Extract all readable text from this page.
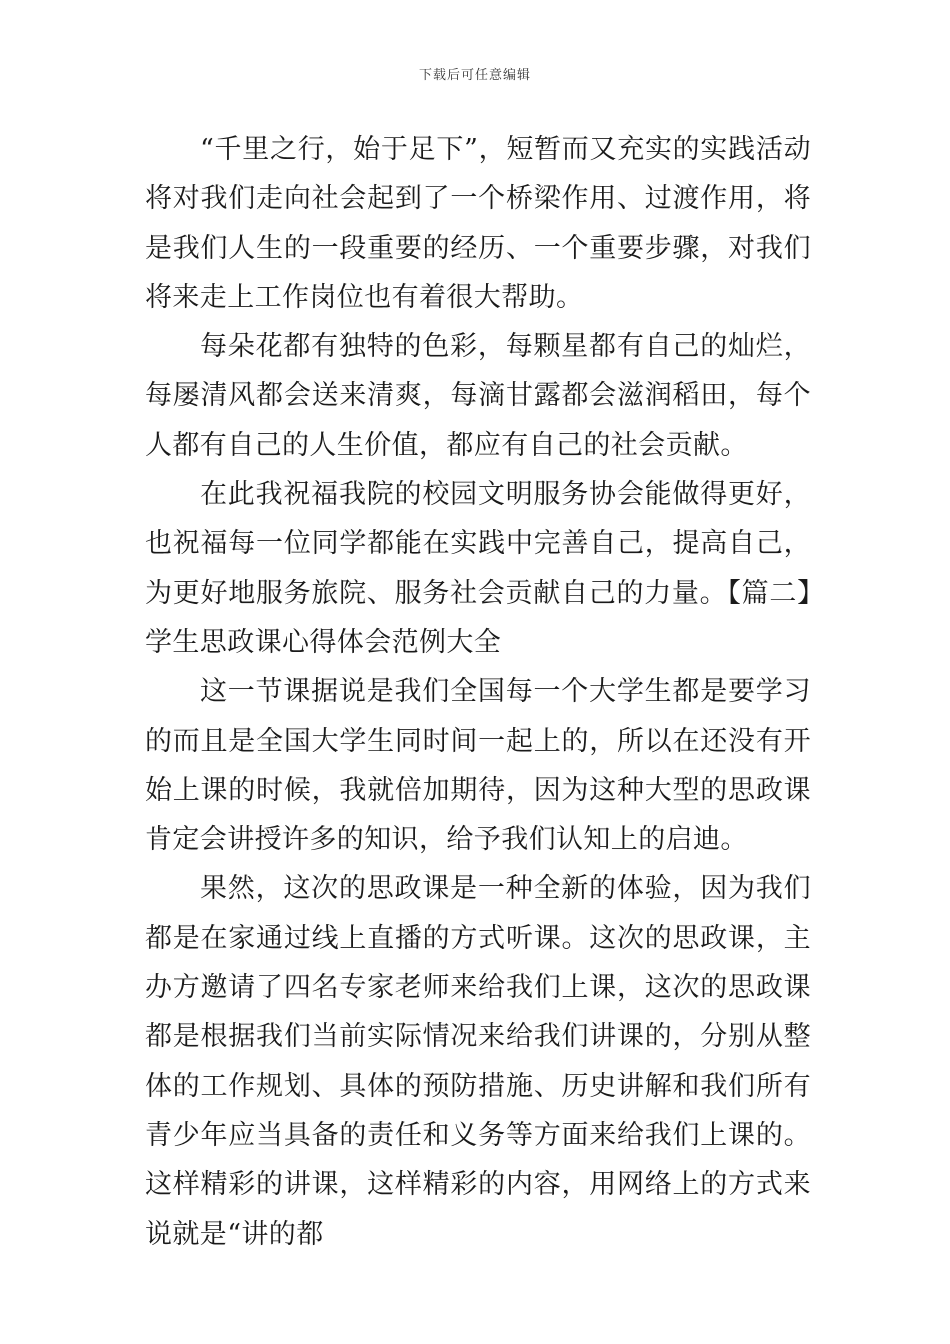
下载后可任意编辑

“千里之行，始于足下”，短暂而又充实的实践活动将对我们走向社会起到了一个桥梁作用、过渡作用，将是我们人生的一段重要的经历、一个重要步骤，对我们将来走上工作岗位也有着很大帮助。

每朵花都有独特的色彩，每颗星都有自己的灿烂，每屡清风都会送来清爽，每滴甘露都会滋润稻田，每个人都有自己的人生价值，都应有自己的社会贡献。

在此我祝福我院的校园文明服务协会能做得更好，也祝福每一位同学都能在实践中完善自己，提高自己，为更好地服务旅院、服务社会贡献自己的力量。【篇二】学生思政课心得体会范例大全

这一节课据说是我们全国每一个大学生都是要学习的而且是全国大学生同时间一起上的，所以在还没有开始上课的时候，我就倍加期待，因为这种大型的思政课肯定会讲授许多的知识，给予我们认知上的启迪。

果然，这次的思政课是一种全新的体验，因为我们都是在家通过线上直播的方式听课。这次的思政课，主办方邀请了四名专家老师来给我们上课，这次的思政课都是根据我们当前实际情况来给我们讲课的，分别从整体的工作规划、具体的预防措施、历史讲解和我们所有青少年应当具备的责任和义务等方面来给我们上课的。这样精彩的讲课，这样精彩的内容，用网络上的方式来说就是“讲的都
